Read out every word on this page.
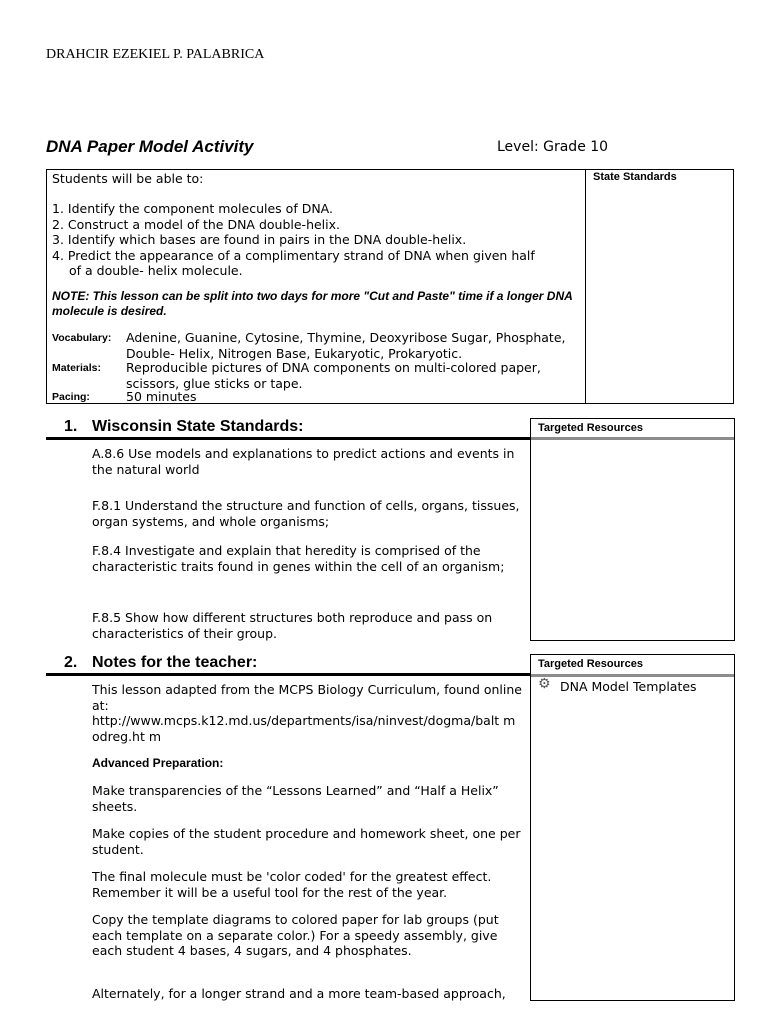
DRAHCIR EZEKIEL P. PALABRICA
DNA Paper Model Activity	Level: Grade 10
State Standards
Students will be able to:
1. Identify the component molecules of DNA.
2. Construct a model of the DNA double-helix.
3. Identify which bases are found in pairs in the DNA double-helix.
4. Predict the appearance of a complimentary strand of DNA when given half
of a double- helix molecule.
NOTE: This lesson can be split into two days for more "Cut and Paste" time if a longer DNA molecule is desired.
Vocabulary: Adenine, Guanine, Cytosine, Thymine, Deoxyribose Sugar, Phosphate, Double- Helix, Nitrogen Base, Eukaryotic, Prokaryotic.
Materials: Reproducible pictures of DNA components on multi-colored paper, scissors, glue sticks or tape.
Pacing:	50 minutes
1. Wisconsin State Standards:	Targeted Resources
A.8.6 Use models and explanations to predict actions and events in the natural world
F.8.1 Understand the structure and function of cells, organs, tissues, organ systems, and whole organisms;
F.8.4 Investigate and explain that heredity is comprised of the characteristic traits found in genes within the cell of an organism;
F.8.5 Show how different structures both reproduce and pass on characteristics of their group.
2. Notes for the teacher:	Targeted Resources
⚙ DNA Model Templates
This lesson adapted from the MCPS Biology Curriculum, found online at:
http://www.mcps.k12.md.us/departments/isa/ninvest/dogma/balt modreg.ht m
Advanced Preparation:
Make transparencies of the “Lessons Learned” and “Half a Helix” sheets.
Make copies of the student procedure and homework sheet, one per student.
The final molecule must be 'color coded' for the greatest effect. Remember it will be a useful tool for the rest of the year.
Copy the template diagrams to colored paper for lab groups (put each template on a separate color.) For a speedy assembly, give each student 4 bases, 4 sugars, and 4 phosphates.
Alternately, for a longer strand and a more team-based approach,
